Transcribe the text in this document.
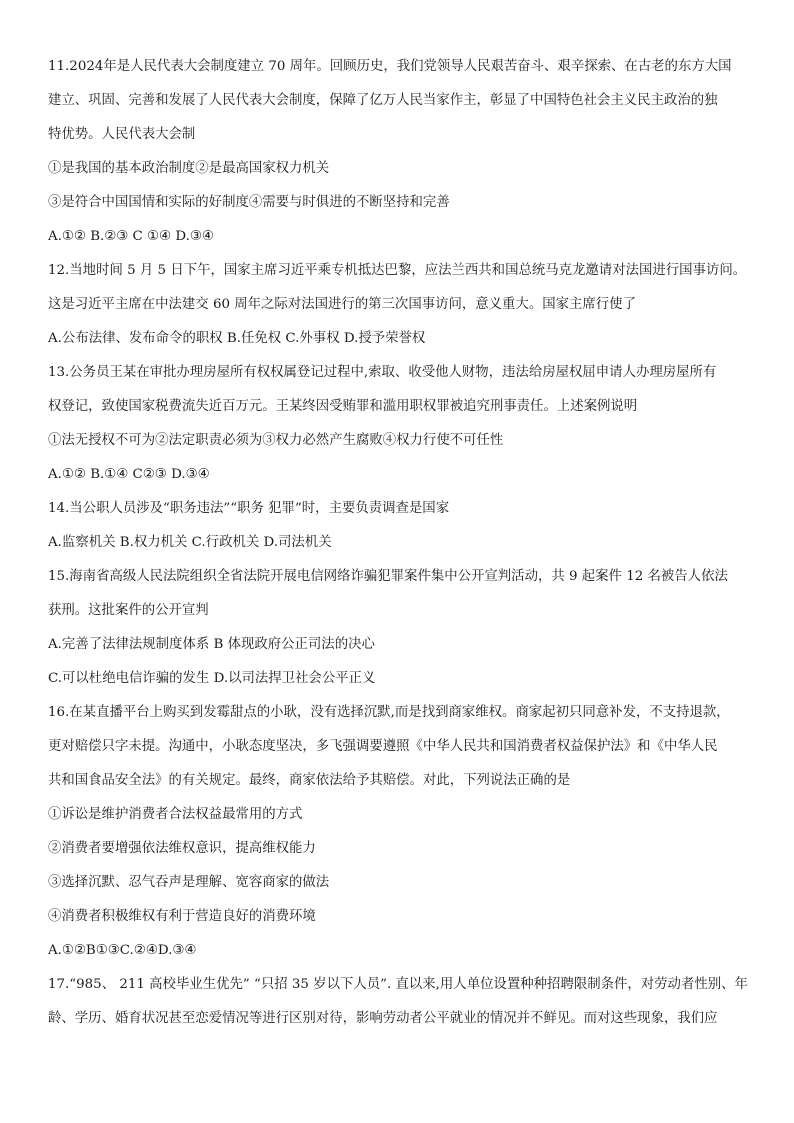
11.2024年是人民代表大会制度建立 70 周年。回顾历史，我们党领导人民艰苦奋斗、艰辛探索、在古老的东方大国

建立、巩固、完善和发展了人民代表大会制度，保障了亿万人民当家作主，彰显了中国特色社会主义民主政治的独

特优势。人民代表大会制

①是我国的基本政治制度②是最高国家权力机关

③是符合中国国情和实际的好制度④需要与时俱进的不断坚持和完善

A.①② B.②③ C ①④ D.③④

12.当地时间 5 月 5 日下午，国家主席习近平乘专机抵达巴黎，应法兰西共和国总统马克龙邀请对法国进行国事访问。

这是习近平主席在中法建交 60 周年之际对法国进行的第三次国事访问，意义重大。国家主席行使了

A.公布法律、发布命令的职权 B.任免权 C.外事权 D.授予荣誉权

13.公务员王某在审批办理房屋所有权权属登记过程中,索取、收受他人财物，违法给房屋权屈申请人办理房屋所有

权登记，致使国家税费流失近百万元。王某终因受贿罪和滥用职权罪被追究刑事责任。上述案例说明

①法无授权不可为②法定职责必须为③权力必然产生腐败④权力行使不可任性

A.①② B.①④ C②③ D.③④

14.当公职人员涉及“职务违法”“职务 犯罪”时，主要负责调查是国家

A.监察机关 B.权力机关 C.行政机关 D.司法机关

15.海南省高级人民法院组织全省法院开展电信网络诈骗犯罪案件集中公开宣判活动，共 9 起案件 12 名被告人依法

获刑。这批案件的公开宣判

A.完善了法律法规制度体系 B 体现政府公正司法的决心

C.可以杜绝电信诈骗的发生 D.以司法捍卫社会公平正义

16.在某直播平台上购买到发霉甜点的小耿，没有选择沉默,而是找到商家维权。商家起初只同意补发，不支持退款，

更对赔偿只字未提。沟通中，小耿态度坚决，多飞强调要遵照《中华人民共和国消费者权益保护法》和《中华人民

共和国食品安全法》的有关规定。最终，商家依法给予其赔偿。对此，下列说法正确的是

①诉讼是维护消费者合法权益最常用的方式

②消费者要增强依法维权意识，提高维权能力

③选择沉默、忍气吞声是理解、宽容商家的做法

④消费者积极维权有利于营造良好的消费环境

A.①②B①③C.②④D.③④

17.“985、 211 高校毕业生优先” “只招 35 岁以下人员”. 直以来,用人单位设置种种招聘限制条件，对劳动者性别、年

龄、学历、婚育状况甚至恋爱情况等进行区别对待，影响劳动者公平就业的情况并不鲜见。而对这些现象，我们应
